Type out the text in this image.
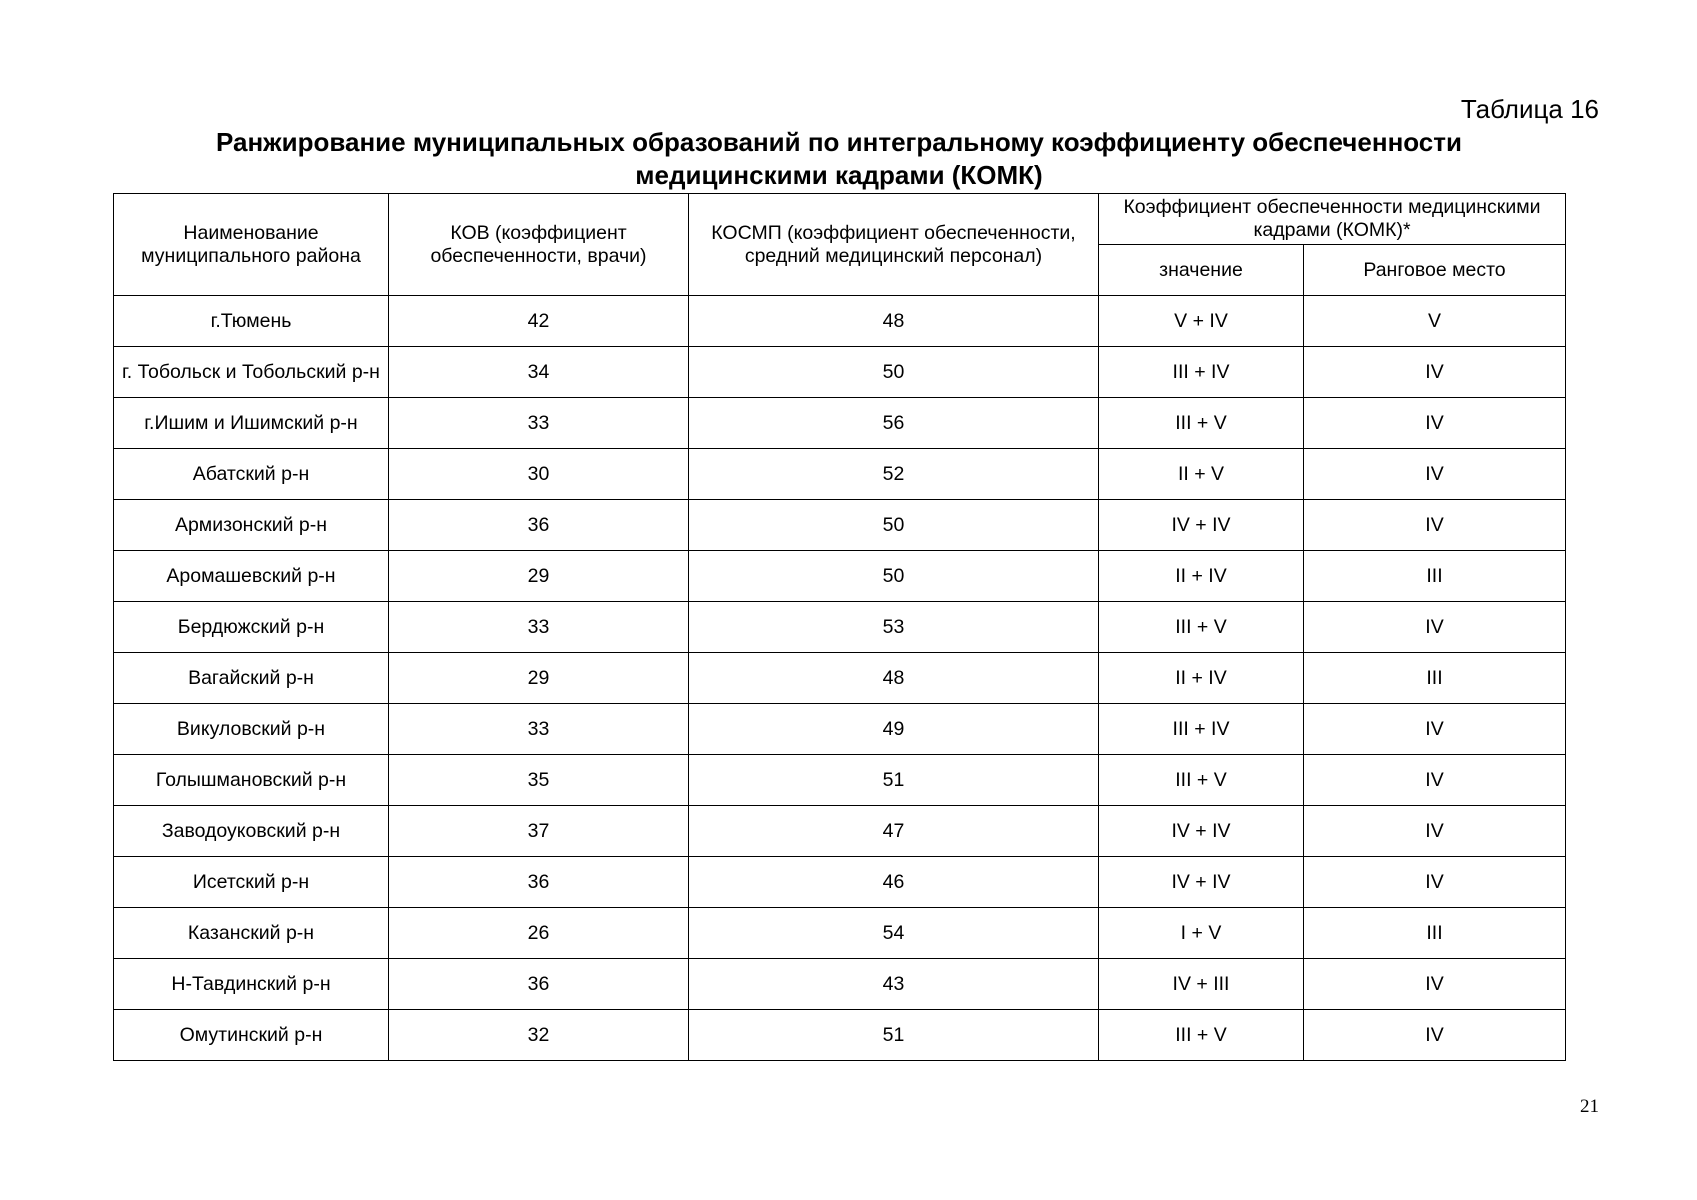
Таблица 16
Ранжирование муниципальных образований по интегральному коэффициенту обеспеченности
медицинскими кадрами (КОМК)
Наименование муниципального района	КОВ (коэффициент обеспеченности, врачи)	КОСМП (коэффициент обеспеченности, средний медицинский персонал)	Коэффициент обеспеченности медицинскими кадрами (КОМК)*	
			значение	Ранговое место
г.Тюмень	42	48	V + IV	V
г. Тобольск и Тобольский р-н	34	50	III + IV	IV
г.Ишим и Ишимский р-н	33	56	III + V	IV
Абатский р-н	30	52	II + V	IV
Армизонский р-н	36	50	IV + IV	IV
Аромашевский р-н	29	50	II + IV	III
Бердюжский р-н	33	53	III + V	IV
Вагайский р-н	29	48	II + IV	III
Викуловский р-н	33	49	III + IV	IV
Голышмановский р-н	35	51	III + V	IV
Заводоуковский р-н	37	47	IV + IV	IV
Исетский р-н	36	46	IV + IV	IV
Казанский р-н	26	54	I + V	III
Н-Тавдинский р-н	36	43	IV + III	IV
Омутинский р-н	32	51	III + V	IV
21
